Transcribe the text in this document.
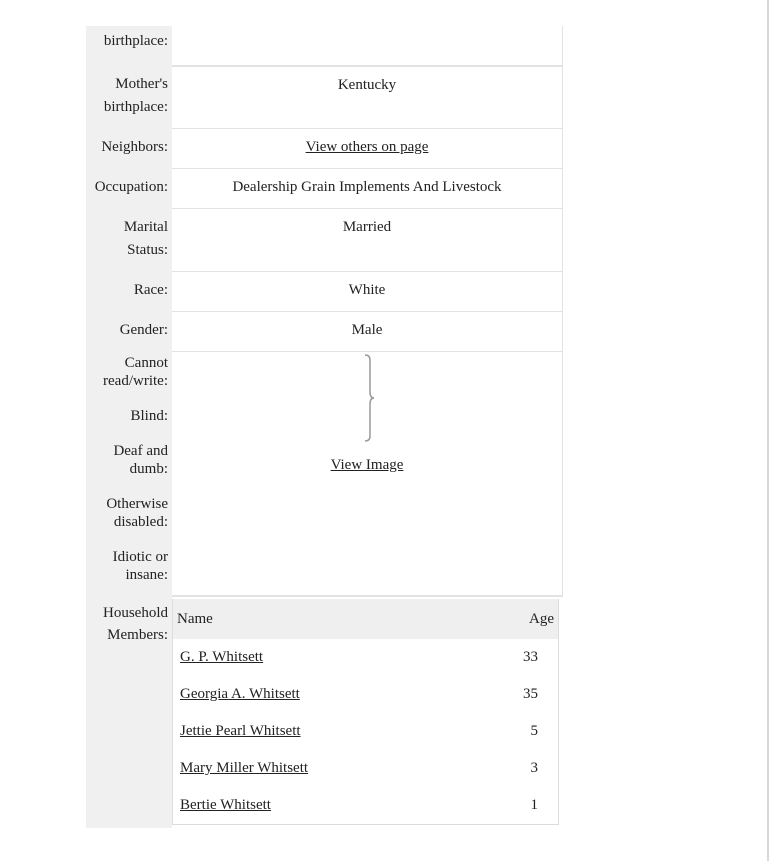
birthplace:
Mother's birthplace:
Kentucky
Neighbors:	View others on page
Occupation:	Dealership Grain Implements And Livestock
Marital Status:
Married
Race:	White
Gender:	Male
Cannot read/write:
Blind:
Deaf and dumb:
Otherwise disabled:
Idiotic or insane:
View Image
Household Members:
Name	Age
G. P. Whitsett	33
Georgia A. Whitsett	35
Jettie Pearl Whitsett	5
Mary Miller Whitsett	3
Bertie Whitsett	1
